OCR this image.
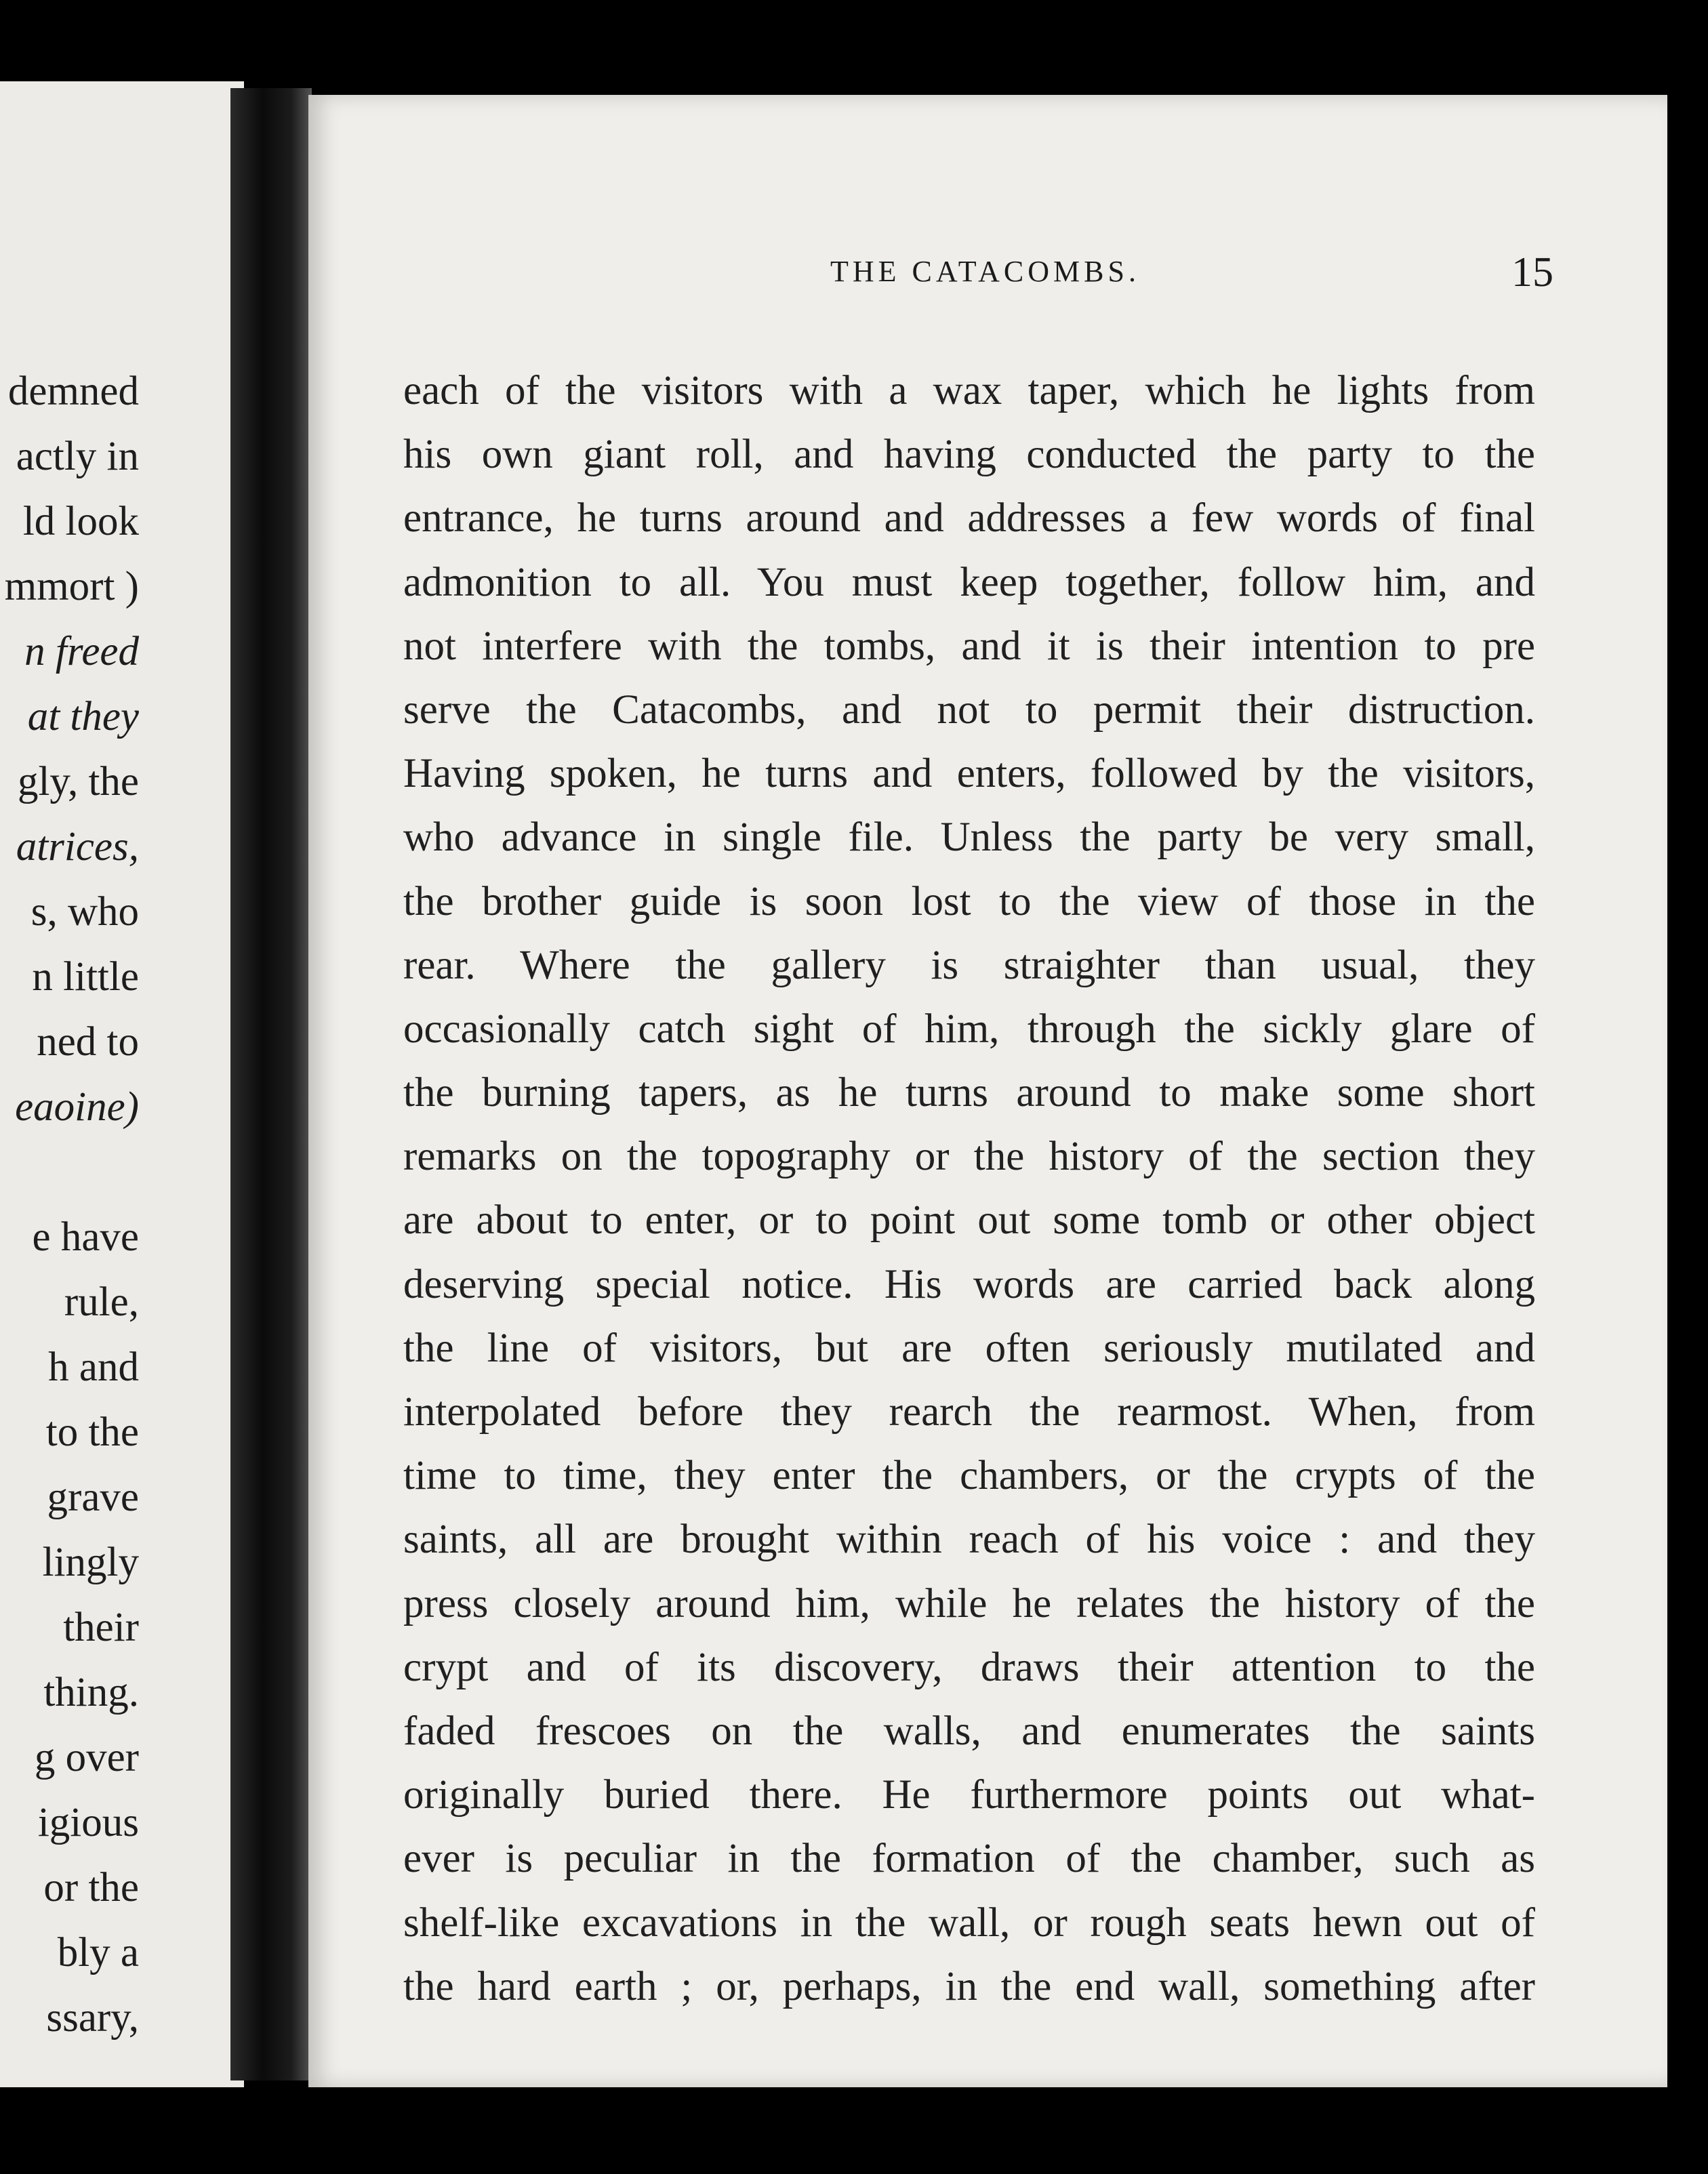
demned
actly in
ld look
mmort )
n freed
at they
gly, the
atrices,
s, who
n little
ned to
eaoine)
e have
rule,
h and
to the
grave
lingly
their
thing.
g over
igious
or the
bly a
ssary,
THE CATACOMBS.	15
each of the visitors with a wax taper, which he lights from
his own giant roll, and having conducted the party to the
entrance, he turns around and addresses a few words of final
admonition to all. You must keep together, follow him, and
not interfere with the tombs, and it is their intention to pre
serve the Catacombs, and not to permit their distruction.
Having spoken, he turns and enters, followed by the visitors,
who advance in single file. Unless the party be very small,
the brother guide is soon lost to the view of those in the
rear. Where the gallery is straighter than usual, they
occasionally catch sight of him, through the sickly glare of
the burning tapers, as he turns around to make some short
remarks on the topography or the history of the section they
are about to enter, or to point out some tomb or other object
deserving special notice. His words are carried back along
the line of visitors, but are often seriously mutilated and
interpolated before they rearch the rearmost. When, from
time to time, they enter the chambers, or the crypts of the
saints, all are brought within reach of his voice : and they
press closely around him, while he relates the history of the
crypt and of its discovery, draws their attention to the
faded frescoes on the walls, and enumerates the saints
originally buried there. He furthermore points out what-
ever is peculiar in the formation of the chamber, such as
shelf-like excavations in the wall, or rough seats hewn out of
the hard earth ; or, perhaps, in the end wall, something after
